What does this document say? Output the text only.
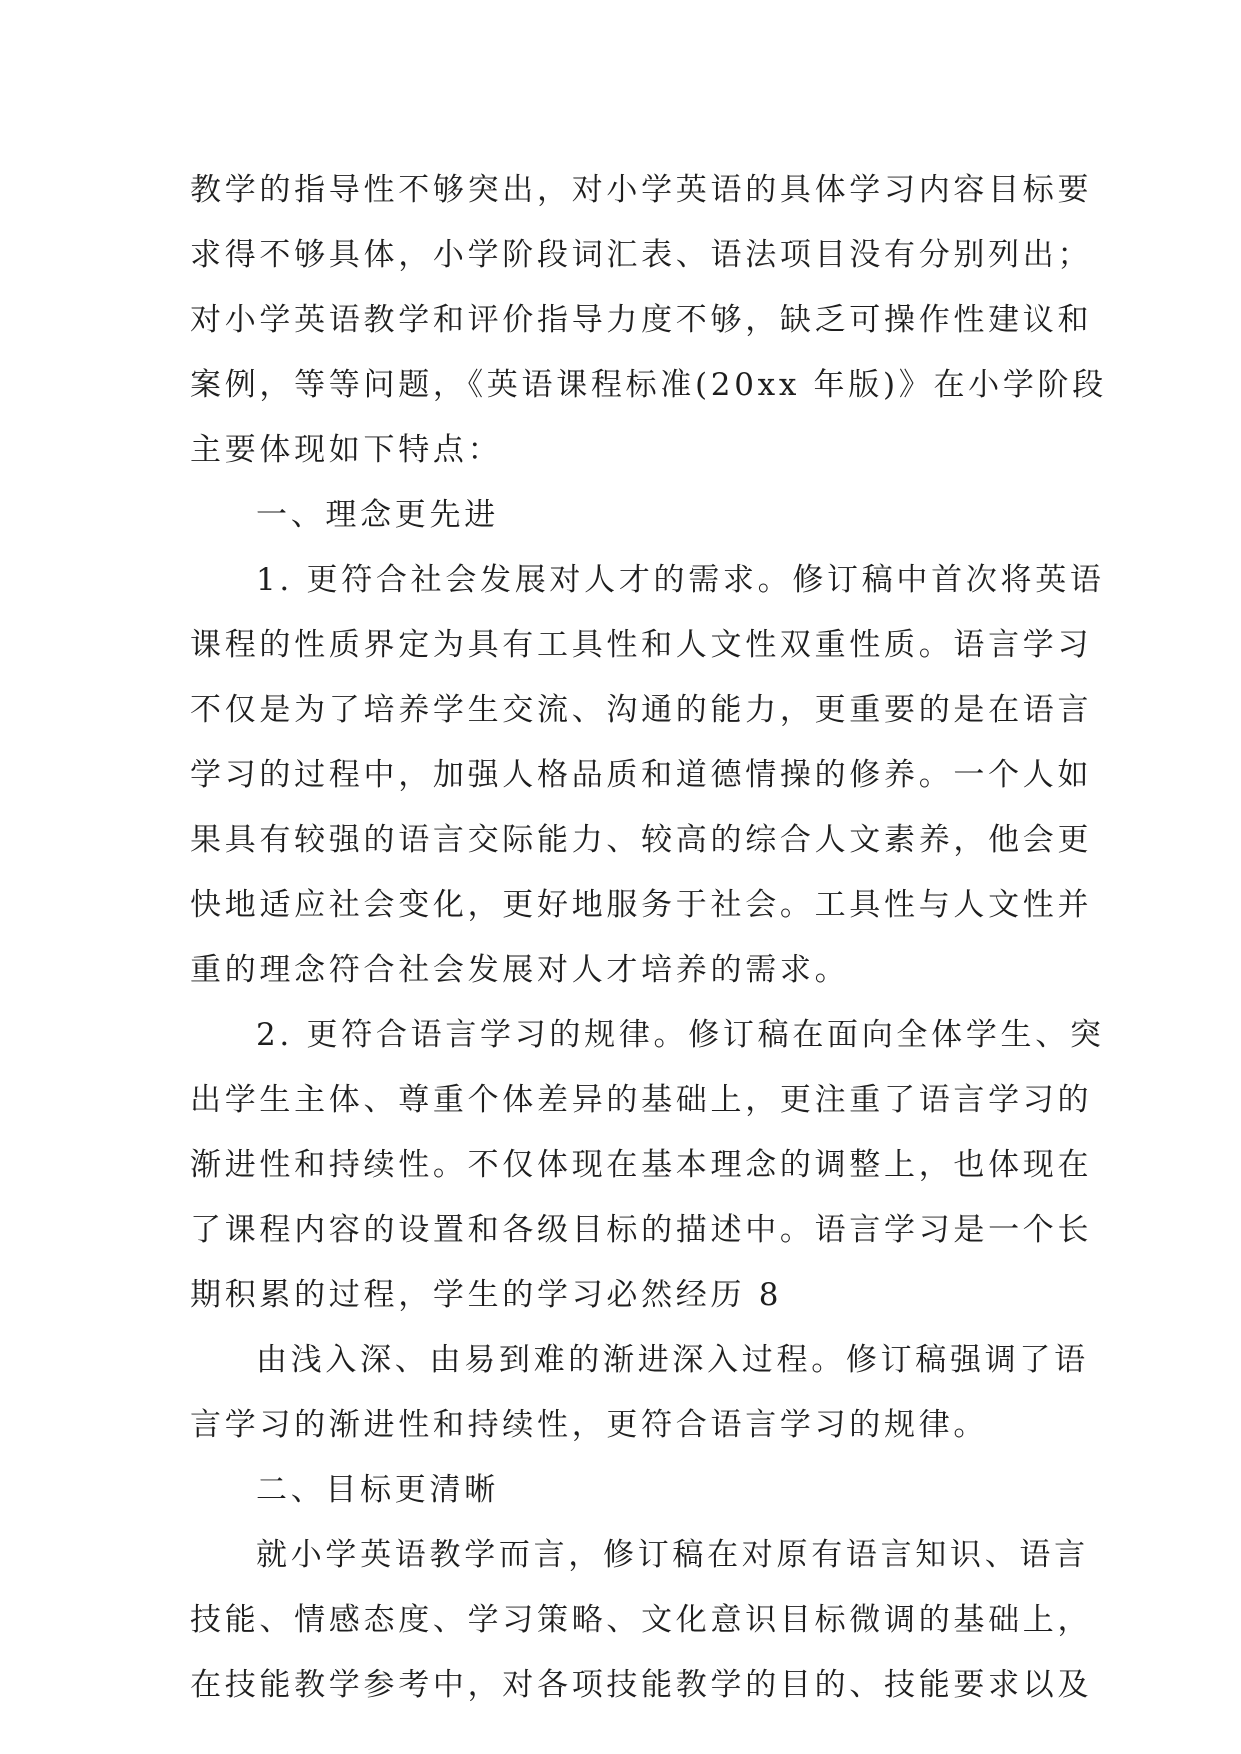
教学的指导性不够突出，对小学英语的具体学习内容目标要
求得不够具体，小学阶段词汇表、语法项目没有分别列出；
对小学英语教学和评价指导力度不够，缺乏可操作性建议和
案例，等等问题，《英语课程标准(20xx 年版)》在小学阶段
主要体现如下特点：
一、理念更先进
1. 更符合社会发展对人才的需求。修订稿中首次将英语
课程的性质界定为具有工具性和人文性双重性质。语言学习
不仅是为了培养学生交流、沟通的能力，更重要的是在语言
学习的过程中，加强人格品质和道德情操的修养。一个人如
果具有较强的语言交际能力、较高的综合人文素养，他会更
快地适应社会变化，更好地服务于社会。工具性与人文性并
重的理念符合社会发展对人才培养的需求。
2. 更符合语言学习的规律。修订稿在面向全体学生、突
出学生主体、尊重个体差异的基础上，更注重了语言学习的
渐进性和持续性。不仅体现在基本理念的调整上，也体现在
了课程内容的设置和各级目标的描述中。语言学习是一个长
期积累的过程，学生的学习必然经历 8
由浅入深、由易到难的渐进深入过程。修订稿强调了语
言学习的渐进性和持续性，更符合语言学习的规律。
二、目标更清晰
就小学英语教学而言，修订稿在对原有语言知识、语言
技能、情感态度、学习策略、文化意识目标微调的基础上，
在技能教学参考中，对各项技能教学的目的、技能要求以及
